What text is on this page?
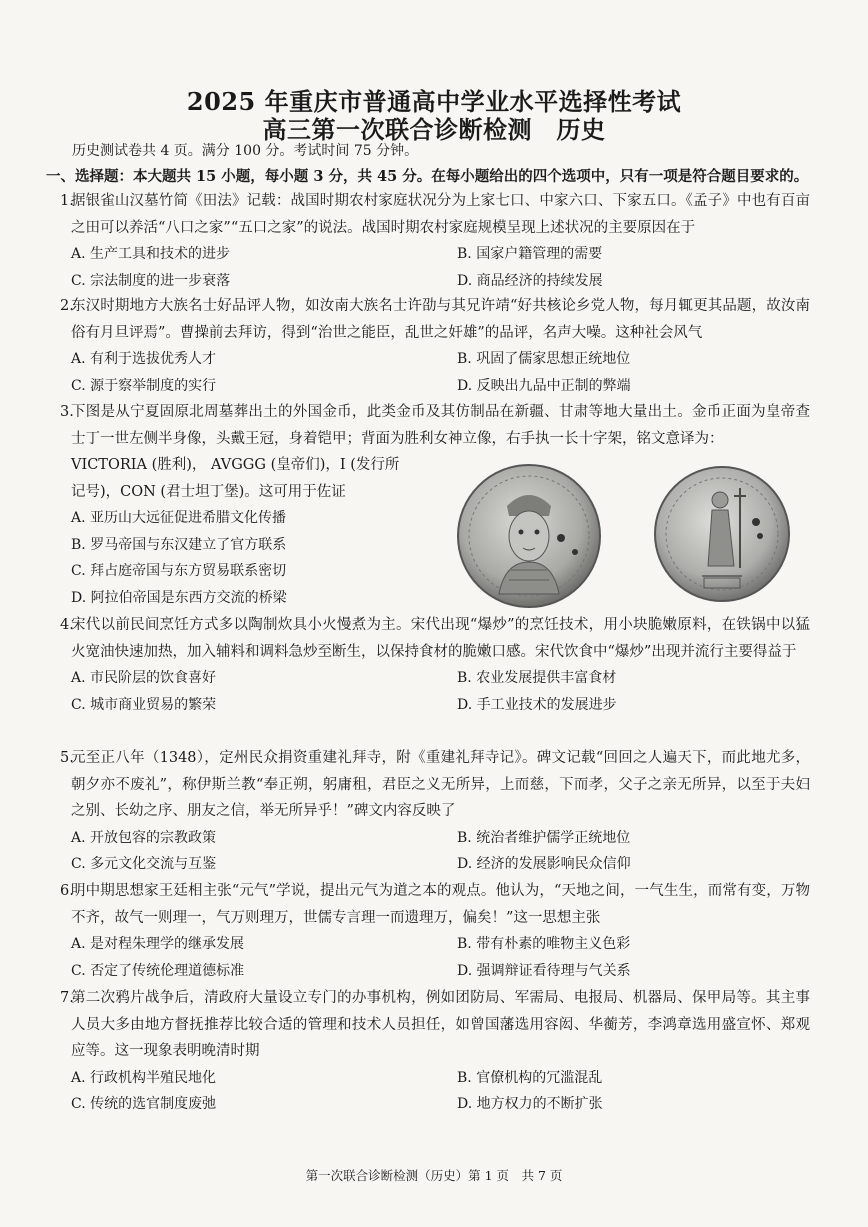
2025 年重庆市普通高中学业水平选择性考试
高三第一次联合诊断检测　历史
历史测试卷共 4 页。满分 100 分。考试时间 75 分钟。
一、选择题：本大题共 15 小题，每小题 3 分，共 45 分。在每小题给出的四个选项中，只有一项是符合题目要求的。
1.
据银雀山汉墓竹简《田法》记载：战国时期农村家庭状况分为上家七口、中家六口、下家五口。《孟子》中也有百亩之田可以养活“八口之家”“五口之家”的说法。战国时期农村家庭规模呈现上述状况的主要原因在于
A. 生产工具和技术的进步	B. 国家户籍管理的需要
C. 宗法制度的进一步衰落	D. 商品经济的持续发展
2.
东汉时期地方大族名士好品评人物，如汝南大族名士许劭与其兄许靖“好共核论乡党人物，每月辄更其品题，故汝南俗有月旦评焉”。曹操前去拜访，得到“治世之能臣，乱世之奸雄”的品评，名声大噪。这种社会风气
A. 有利于选拔优秀人才	B. 巩固了儒家思想正统地位
C. 源于察举制度的实行	D. 反映出九品中正制的弊端
3.
下图是从宁夏固原北周墓葬出土的外国金币，此类金币及其仿制品在新疆、甘肃等地大量出土。金币正面为皇帝查士丁一世左侧半身像，头戴王冠，身着铠甲；背面为胜利女神立像，右手执一长十字架，铭文意译为：
VICTORIA (胜利)， AVGGG (皇帝们)，Ⅰ (发行所
记号)，CON (君士坦丁堡)。这可用于佐证
A. 亚历山大远征促进希腊文化传播
B. 罗马帝国与东汉建立了官方联系
C. 拜占庭帝国与东方贸易联系密切
D. 阿拉伯帝国是东西方交流的桥梁
4.
宋代以前民间烹饪方式多以陶制炊具小火慢煮为主。宋代出现“爆炒”的烹饪技术，用小块脆嫩原料，在铁锅中以猛火宽油快速加热，加入辅料和调料急炒至断生，以保持食材的脆嫩口感。宋代饮食中“爆炒”出现并流行主要得益于
A. 市民阶层的饮食喜好	B. 农业发展提供丰富食材
C. 城市商业贸易的繁荣	D. 手工业技术的发展进步
5.
元至正八年（1348），定州民众捐资重建礼拜寺，附《重建礼拜寺记》。碑文记载“回回之人遍天下，而此地尤多，朝夕亦不废礼”，称伊斯兰教“奉正朔，躬庸租，君臣之义无所异，上而慈，下而孝，父子之亲无所异，以至于夫妇之别、长幼之序、朋友之信，举无所异乎！”碑文内容反映了
A. 开放包容的宗教政策	B. 统治者维护儒学正统地位
C. 多元文化交流与互鉴	D. 经济的发展影响民众信仰
6.
明中期思想家王廷相主张“元气”学说，提出元气为道之本的观点。他认为，“天地之间，一气生生，而常有变，万物不齐，故气一则理一，气万则理万，世儒专言理一而遗理万，偏矣！”这一思想主张
A. 是对程朱理学的继承发展	B. 带有朴素的唯物主义色彩
C. 否定了传统伦理道德标准	D. 强调辩证看待理与气关系
7.
第二次鸦片战争后，清政府大量设立专门的办事机构，例如团防局、军需局、电报局、机器局、保甲局等。其主事人员大多由地方督抚推荐比较合适的管理和技术人员担任，如曾国藩选用容闳、华蘅芳，李鸿章选用盛宣怀、郑观应等。这一现象表明晚清时期
A. 行政机构半殖民地化	B. 官僚机构的冗滥混乱
C. 传统的选官制度废弛	D. 地方权力的不断扩张
第一次联合诊断检测（历史）第 1 页　共 7 页
